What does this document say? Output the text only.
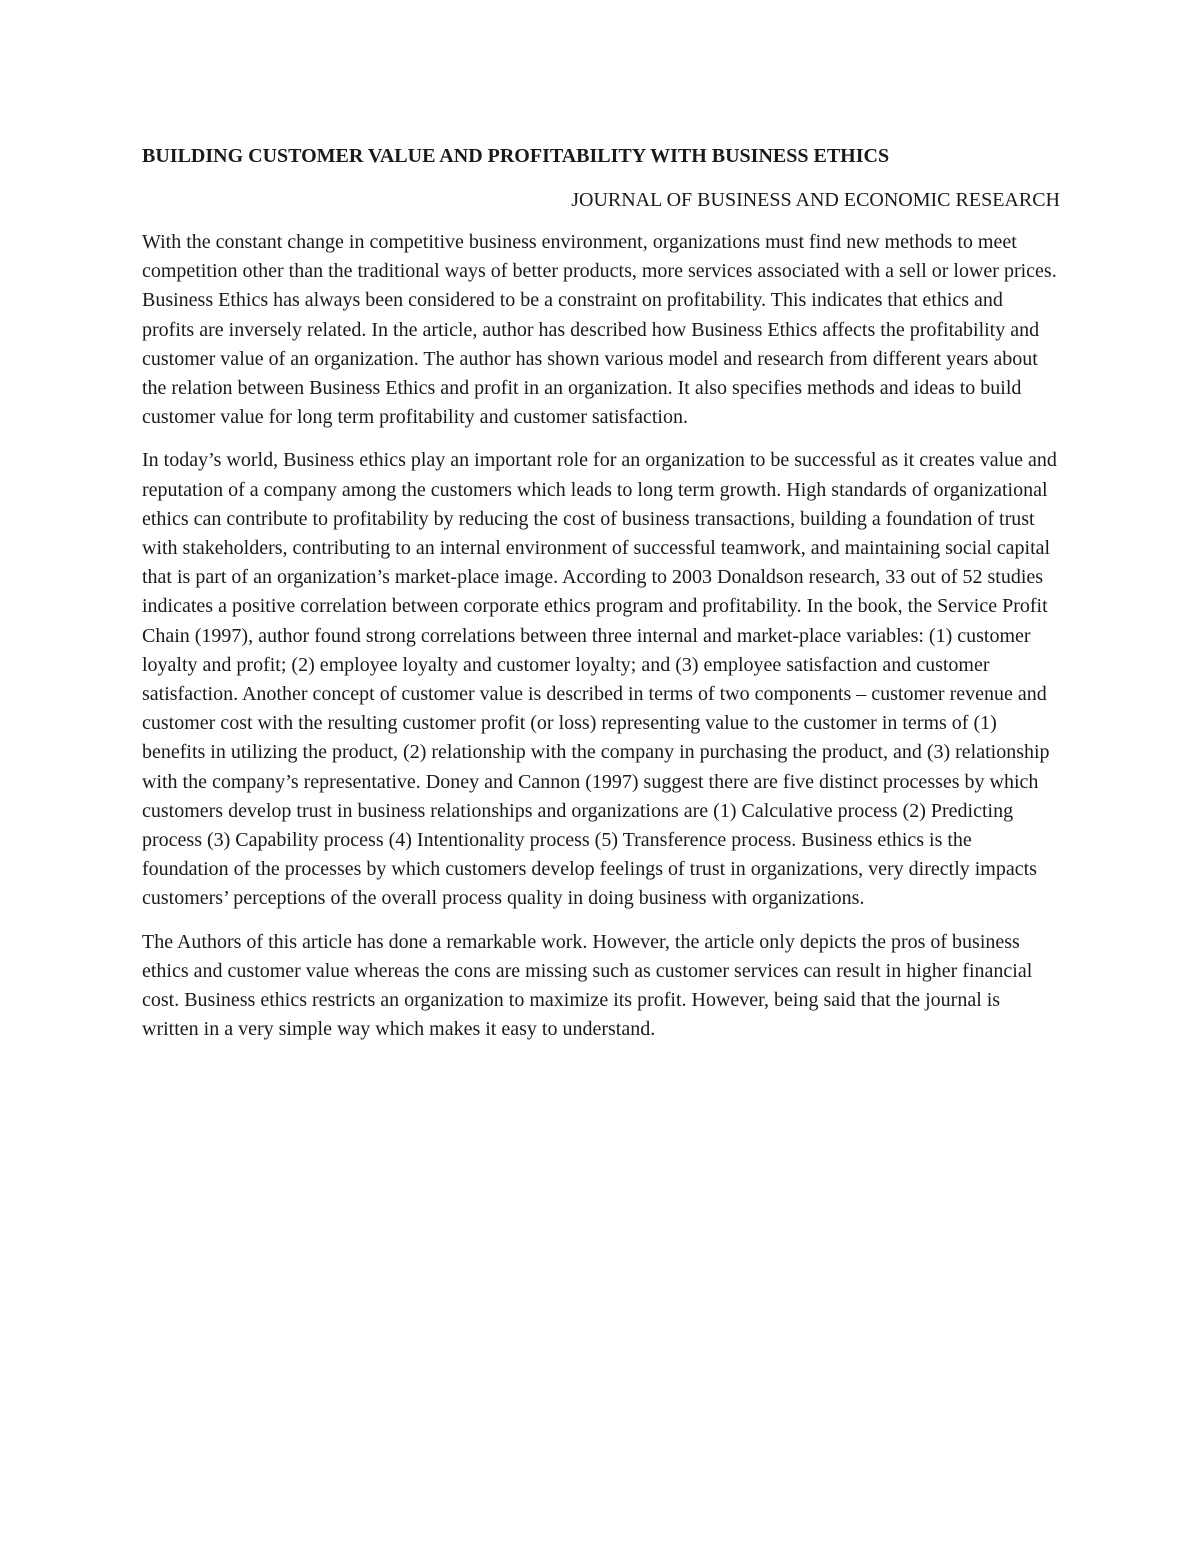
BUILDING CUSTOMER VALUE AND PROFITABILITY WITH BUSINESS ETHICS
JOURNAL OF BUSINESS AND ECONOMIC RESEARCH

With the constant change in competitive business environment, organizations must find new methods to meet competition other than the traditional ways of better products, more services associated with a sell or lower prices. Business Ethics has always been considered to be a constraint on profitability. This indicates that ethics and profits are inversely related. In the article, author has described how Business Ethics affects the profitability and customer value of an organization. The author has shown various model and research from different years about the relation between Business Ethics and profit in an organization. It also specifies methods and ideas to build customer value for long term profitability and customer satisfaction.

In today’s world, Business ethics play an important role for an organization to be successful as it creates value and reputation of a company among the customers which leads to long term growth. High standards of organizational ethics can contribute to profitability by reducing the cost of business transactions, building a foundation of trust with stakeholders, contributing to an internal environment of successful teamwork, and maintaining social capital that is part of an organization’s market-place image. According to 2003 Donaldson research, 33 out of 52 studies indicates a positive correlation between corporate ethics program and profitability. In the book, the Service Profit Chain (1997), author found strong correlations between three internal and market-place variables: (1) customer loyalty and profit; (2) employee loyalty and customer loyalty; and (3) employee satisfaction and customer satisfaction. Another concept of customer value is described in terms of two components – customer revenue and customer cost with the resulting customer profit (or loss) representing value to the customer in terms of (1) benefits in utilizing the product, (2) relationship with the company in purchasing the product, and (3) relationship with the company’s representative. Doney and Cannon (1997) suggest there are five distinct processes by which customers develop trust in business relationships and organizations are (1) Calculative process (2) Predicting process (3) Capability process (4) Intentionality process (5) Transference process. Business ethics is the foundation of the processes by which customers develop feelings of trust in organizations, very directly impacts customers’ perceptions of the overall process quality in doing business with organizations.

The Authors of this article has done a remarkable work. However, the article only depicts the pros of business ethics and customer value whereas the cons are missing such as customer services can result in higher financial cost. Business ethics restricts an organization to maximize its profit. However, being said that the journal is written in a very simple way which makes it easy to understand.
